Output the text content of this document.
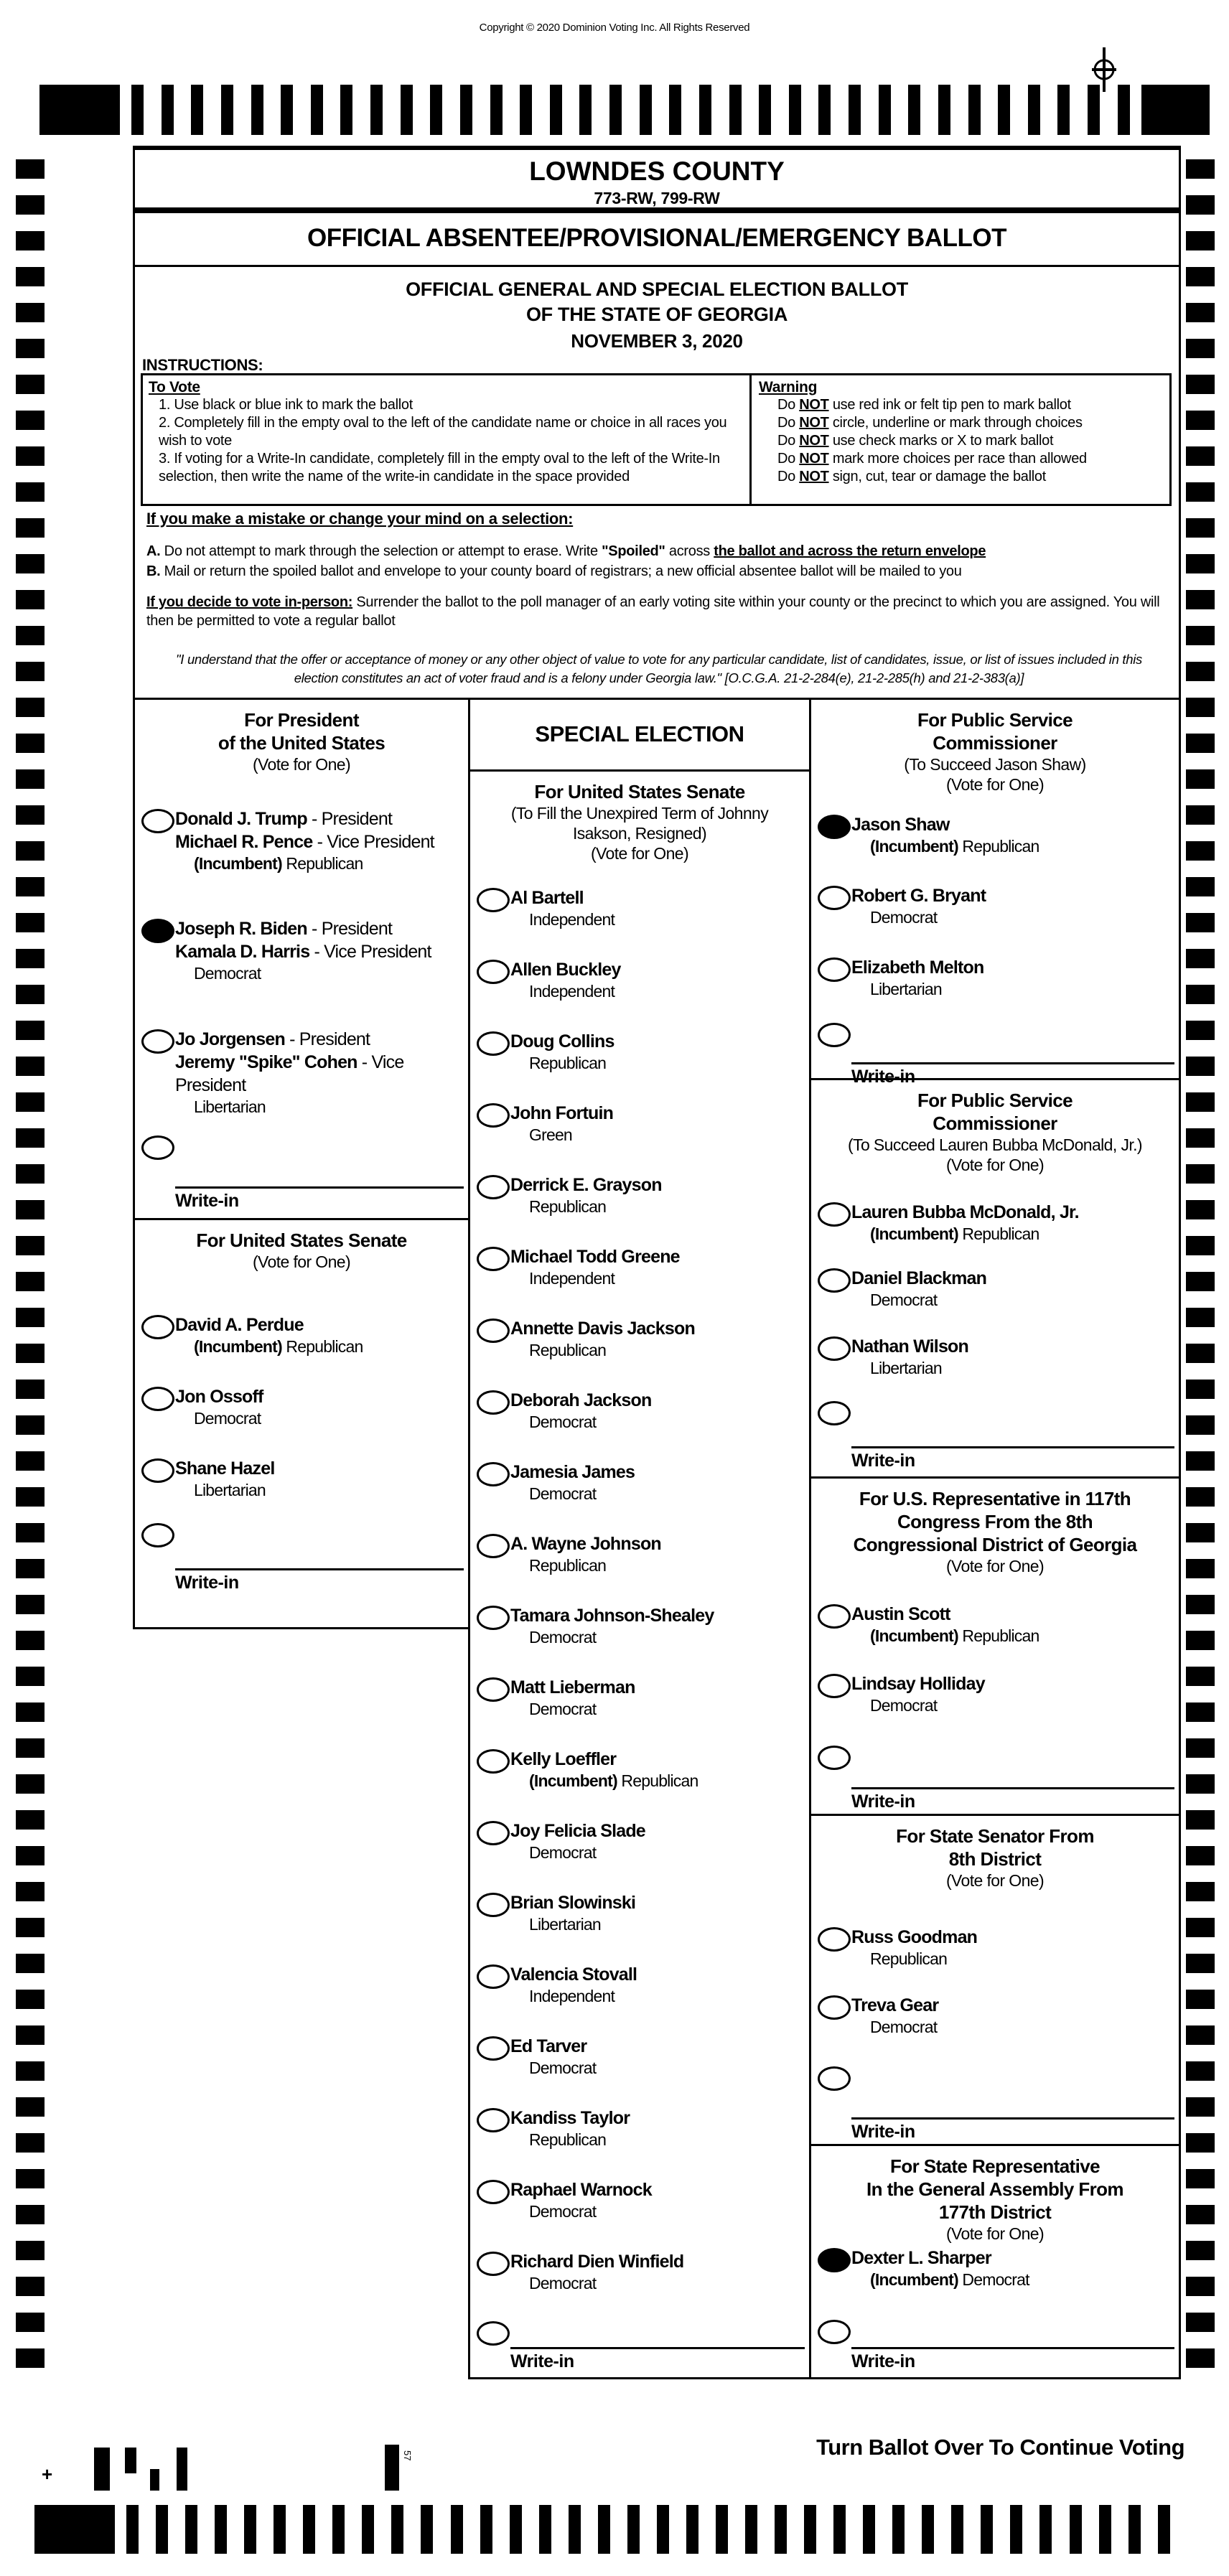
Copyright © 2020 Dominion Voting Inc. All Rights Reserved
LOWNDES COUNTY
773-RW, 799-RW
OFFICIAL ABSENTEE/PROVISIONAL/EMERGENCY BALLOT
OFFICIAL GENERAL AND SPECIAL ELECTION BALLOT
OF THE STATE OF GEORGIA
NOVEMBER 3, 2020
INSTRUCTIONS:
To Vote
1. Use black or blue ink to mark the ballot
2. Completely fill in the empty oval to the left of the candidate name or choice in all races you wish to vote
3. If voting for a Write-In candidate, completely fill in the empty oval to the left of the Write-In selection, then write the name of the write-in candidate in the space provided
Warning
Do NOT use red ink or felt tip pen to mark ballot
Do NOT circle, underline or mark through choices
Do NOT use check marks or X to mark ballot
Do NOT mark more choices per race than allowed
Do NOT sign, cut, tear or damage the ballot
If you make a mistake or change your mind on a selection:
A. Do not attempt to mark through the selection or attempt to erase. Write "Spoiled" across the ballot and across the return envelope
B. Mail or return the spoiled ballot and envelope to your county board of registrars; a new official absentee ballot will be mailed to you
If you decide to vote in-person: Surrender the ballot to the poll manager of an early voting site within your county or the precinct to which you are assigned. You will then be permitted to vote a regular ballot
"I understand that the offer or acceptance of money or any other object of value to vote for any particular candidate, list of candidates, issue, or list of issues included in this
election constitutes an act of voter fraud and is a felony under Georgia law." [O.C.G.A. 21-2-284(e), 21-2-285(h) and 21-2-383(a)]
For President
of the United States
(Vote for One)
Donald J. Trump - President
Michael R. Pence - Vice President
(Incumbent) Republican
Joseph R. Biden - President
Kamala D. Harris - Vice President
Democrat
Jo Jorgensen - President
Jeremy "Spike" Cohen - Vice President
Libertarian
Write-in
For United States Senate
(Vote for One)
David A. Perdue
(Incumbent) Republican
Jon Ossoff
Democrat
Shane Hazel
Libertarian
Write-in
SPECIAL ELECTION
For United States Senate
(To Fill the Unexpired Term of Johnny
Isakson, Resigned)
(Vote for One)
Al Bartell
Independent
Allen Buckley
Independent
Doug Collins
Republican
John Fortuin
Green
Derrick E. Grayson
Republican
Michael Todd Greene
Independent
Annette Davis Jackson
Republican
Deborah Jackson
Democrat
Jamesia James
Democrat
A. Wayne Johnson
Republican
Tamara Johnson-Shealey
Democrat
Matt Lieberman
Democrat
Kelly Loeffler
(Incumbent) Republican
Joy Felicia Slade
Democrat
Brian Slowinski
Libertarian
Valencia Stovall
Independent
Ed Tarver
Democrat
Kandiss Taylor
Republican
Raphael Warnock
Democrat
Richard Dien Winfield
Democrat
Write-in
For Public Service
Commissioner
(To Succeed Jason Shaw)
(Vote for One)
Jason Shaw
(Incumbent) Republican
Robert G. Bryant
Democrat
Elizabeth Melton
Libertarian
Write-in
For Public Service
Commissioner
(To Succeed Lauren Bubba McDonald, Jr.)
(Vote for One)
Lauren Bubba McDonald, Jr.
(Incumbent) Republican
Daniel Blackman
Democrat
Nathan Wilson
Libertarian
Write-in
For U.S. Representative in 117th
Congress From the 8th
Congressional District of Georgia
(Vote for One)
Austin Scott
(Incumbent) Republican
Lindsay Holliday
Democrat
Write-in
For State Senator From
8th District
(Vote for One)
Russ Goodman
Republican
Treva Gear
Democrat
Write-in
For State Representative
In the General Assembly From
177th District
(Vote for One)
Dexter L. Sharper
(Incumbent) Democrat
Write-in
+
57	Turn Ballot Over To Continue Voting
